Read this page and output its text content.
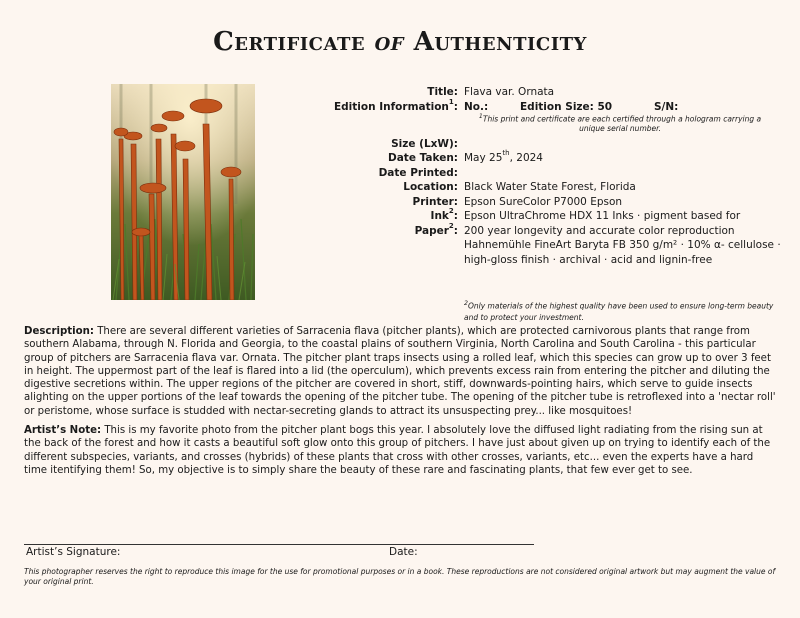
Certificate of Authenticity
Title: Flava var. Ornata
Edition Information$^1$: No.:	Edition Size: 50	S/N:
$^1$This print and certificate are each certified through a hologram carrying a unique serial number.
Size (LxW):
Date Taken: May 25th, 2024
Date Printed:
Location: Black Water State Forest, Florida
Printer: Epson SureColor P7000 Epson
Ink$^2$: Epson UltraChrome HDX 11 Inks · pigment based for
Paper$^2$: 200 year longevity and accurate color reproduction
Hahnemühle FineArt Baryta FB 350 g/m² · 10% α- cellulose ·
high-gloss finish · archival · acid and lignin-free
$^2$Only materials of the highest quality have been used to ensure long-term beauty and to protect your investment.
Description: There are several different varieties of Sarracenia flava (pitcher plants), which are protected carnivorous plants that range from southern Alabama, through N. Florida and Georgia, to the coastal plains of southern Virginia, North Carolina and South Carolina - this particular group of pitchers are Sarracenia flava var. Ornata. The pitcher plant traps insects using a rolled leaf, which this species can grow up to over 3 feet in height. The uppermost part of the leaf is flared into a lid (the operculum), which prevents excess rain from entering the pitcher and diluting the digestive secretions within. The upper regions of the pitcher are covered in short, stiff, downwards-pointing hairs, which serve to guide insects alighting on the upper portions of the leaf towards the opening of the pitcher tube. The opening of the pitcher tube is retroflexed into a 'nectar roll' or peristome, whose surface is studded with nectar-secreting glands to attract its unsuspecting prey... like mosquitoes!
Artist’s Note: This is my favorite photo from the pitcher plant bogs this year. I absolutely love the diffused light radiating from the rising sun at the back of the forest and how it casts a beautiful soft glow onto this group of pitchers. I have just about given up on trying to identify each of the different subspecies, variants, and crosses (hybrids) of these plants that cross with other crosses, variants, etc... even the experts have a hard time itentifying them! So, my objective is to simply share the beauty of these rare and fascinating plants, that few ever get to see.
Artist’s Signature:	Date:
This photographer reserves the right to reproduce this image for the use for promotional purposes or in a book. These reproductions are not considered original artwork but may augment the value of your original print.
